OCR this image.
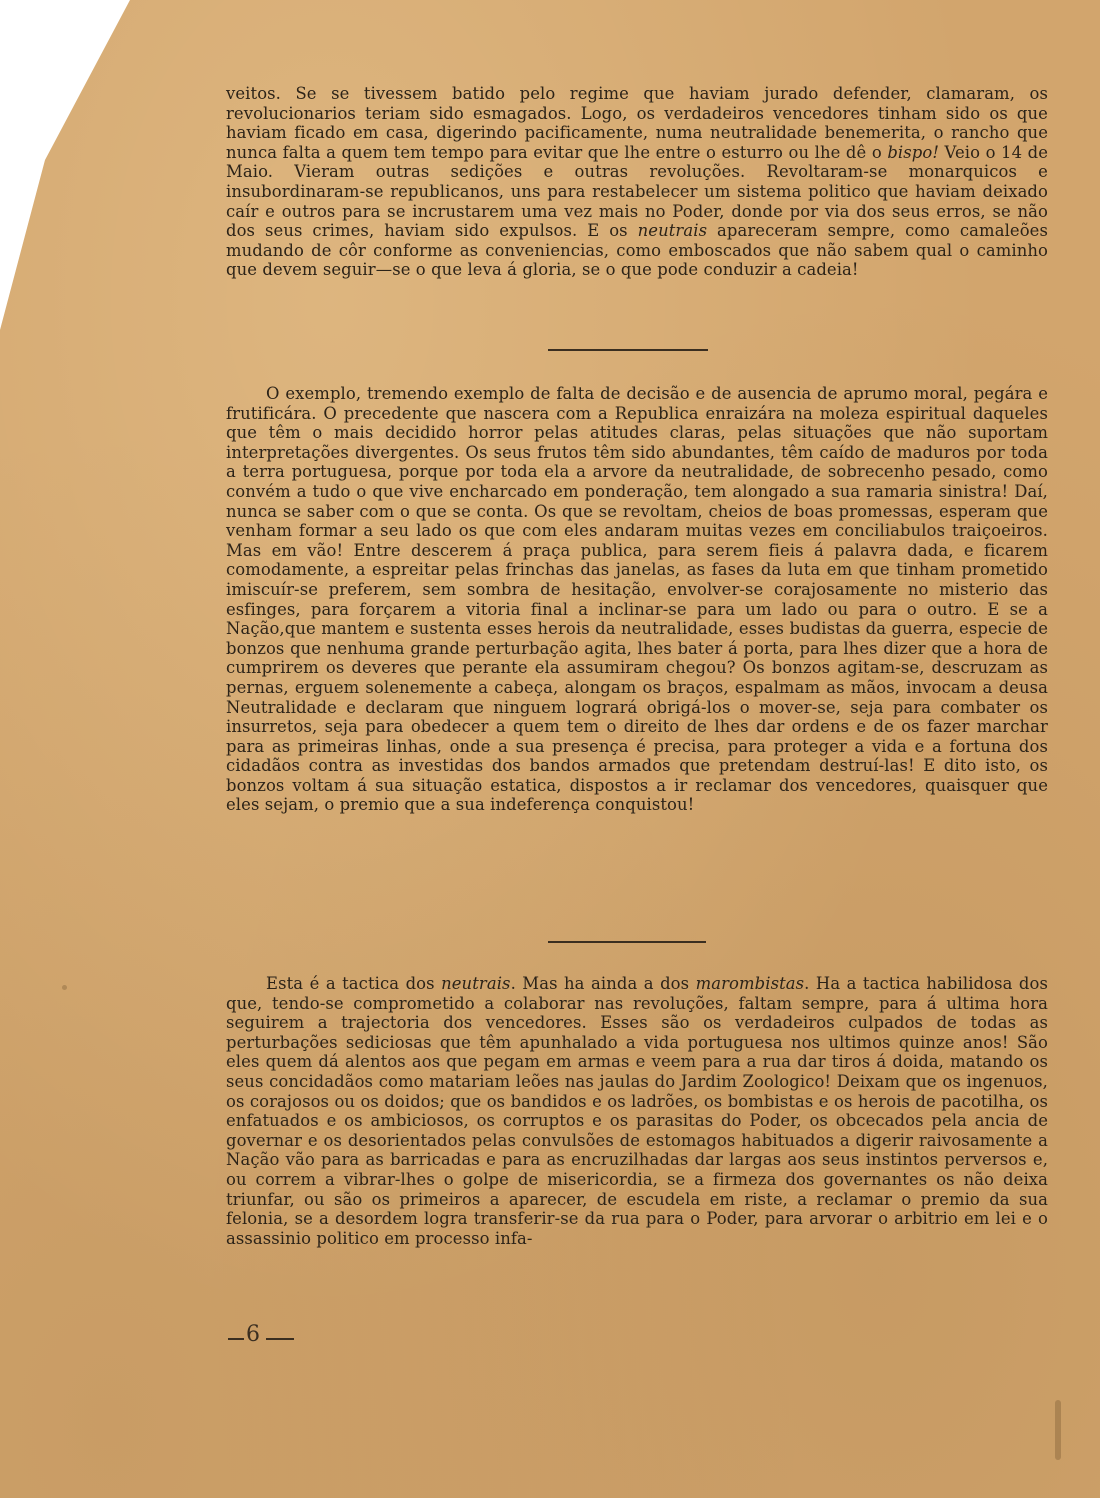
veitos. Se se tivessem batido pelo regime que haviam jurado defender, clamaram, os revolucionarios teriam sido esmagados. Logo, os verdadeiros vencedores tinham sido os que haviam ficado em casa, digerindo pacificamente, numa neutralidade benemerita, o rancho que nunca falta a quem tem tempo para evitar que lhe entre o esturro ou lhe dê o bispo! Veio o 14 de Maio. Vieram outras sedições e outras revoluções. Revoltaram-se monarquicos e insubordinaram-se republicanos, uns para restabelecer um sistema politico que haviam deixado caír e outros para se incrustarem uma vez mais no Poder, donde por via dos seus erros, se não dos seus crimes, haviam sido expulsos. E os neutrais apareceram sempre, como camaleões mudando de côr conforme as conveniencias, como emboscados que não sabem qual o caminho que devem seguir—se o que leva á gloria, se o que pode conduzir a cadeia!

O exemplo, tremendo exemplo de falta de decisão e de ausencia de aprumo moral, pegára e frutificára. O precedente que nascera com a Republica enraizára na moleza espiritual daqueles que têm o mais decidido horror pelas atitudes claras, pelas situações que não suportam interpretações divergentes. Os seus frutos têm sido abundantes, têm caído de maduros por toda a terra portuguesa, porque por toda ela a arvore da neutralidade, de sobrecenho pesado, como convém a tudo o que vive encharcado em ponderação, tem alongado a sua ramaria sinistra! Daí, nunca se saber com o que se conta. Os que se revoltam, cheios de boas promessas, esperam que venham formar a seu lado os que com eles andaram muitas vezes em conciliabulos traiçoeiros. Mas em vão! Entre descerem á praça publica, para serem fieis á palavra dada, e ficarem comodamente, a espreitar pelas frinchas das janelas, as fases da luta em que tinham prometido imiscuír-se preferem, sem sombra de hesitação, envolver-se corajosamente no misterio das esfinges, para forçarem a vitoria final a inclinar-se para um lado ou para o outro. E se a Nação,que mantem e sustenta esses herois da neutralidade, esses budistas da guerra, especie de bonzos que nenhuma grande perturbação agita, lhes bater á porta, para lhes dizer que a hora de cumprirem os deveres que perante ela assumiram chegou? Os bonzos agitam-se, descruzam as pernas, erguem solenemente a cabeça, alongam os braços, espalmam as mãos, invocam a deusa Neutralidade e declaram que ninguem logrará obrigá-los o mover-se, seja para combater os insurretos, seja para obedecer a quem tem o direito de lhes dar ordens e de os fazer marchar para as primeiras linhas, onde a sua presença é precisa, para proteger a vida e a fortuna dos cidadãos contra as investidas dos bandos armados que pretendam destruí-las! E dito isto, os bonzos voltam á sua situação estatica, dispostos a ir reclamar dos vencedores, quaisquer que eles sejam, o premio que a sua indeferença conquistou!

Esta é a tactica dos neutrais. Mas ha ainda a dos marombistas. Ha a tactica habilidosa dos que, tendo-se comprometido a colaborar nas revoluções, faltam sempre, para á ultima hora seguirem a trajectoria dos vencedores. Esses são os verdadeiros culpados de todas as perturbações sediciosas que têm apunhalado a vida portuguesa nos ultimos quinze anos! São eles quem dá alentos aos que pegam em armas e veem para a rua dar tiros á doida, matando os seus concidadãos como matariam leões nas jaulas do Jardim Zoologico! Deixam que os ingenuos, os corajosos ou os doidos; que os bandidos e os ladrões, os bombistas e os herois de pacotilha, os enfatuados e os ambiciosos, os corruptos e os parasitas do Poder, os obcecados pela ancia de governar e os desorientados pelas convulsões de estomagos habituados a digerir raivosamente a Nação vão para as barricadas e para as encruzilhadas dar largas aos seus instintos perversos e, ou correm a vibrar-lhes o golpe de misericordia, se a firmeza dos governantes os não deixa triunfar, ou são os primeiros a aparecer, de escudela em riste, a reclamar o premio da sua felonia, se a desordem logra transferir-se da rua para o Poder, para arvorar o arbitrio em lei e o assassinio politico em processo infa-

6
